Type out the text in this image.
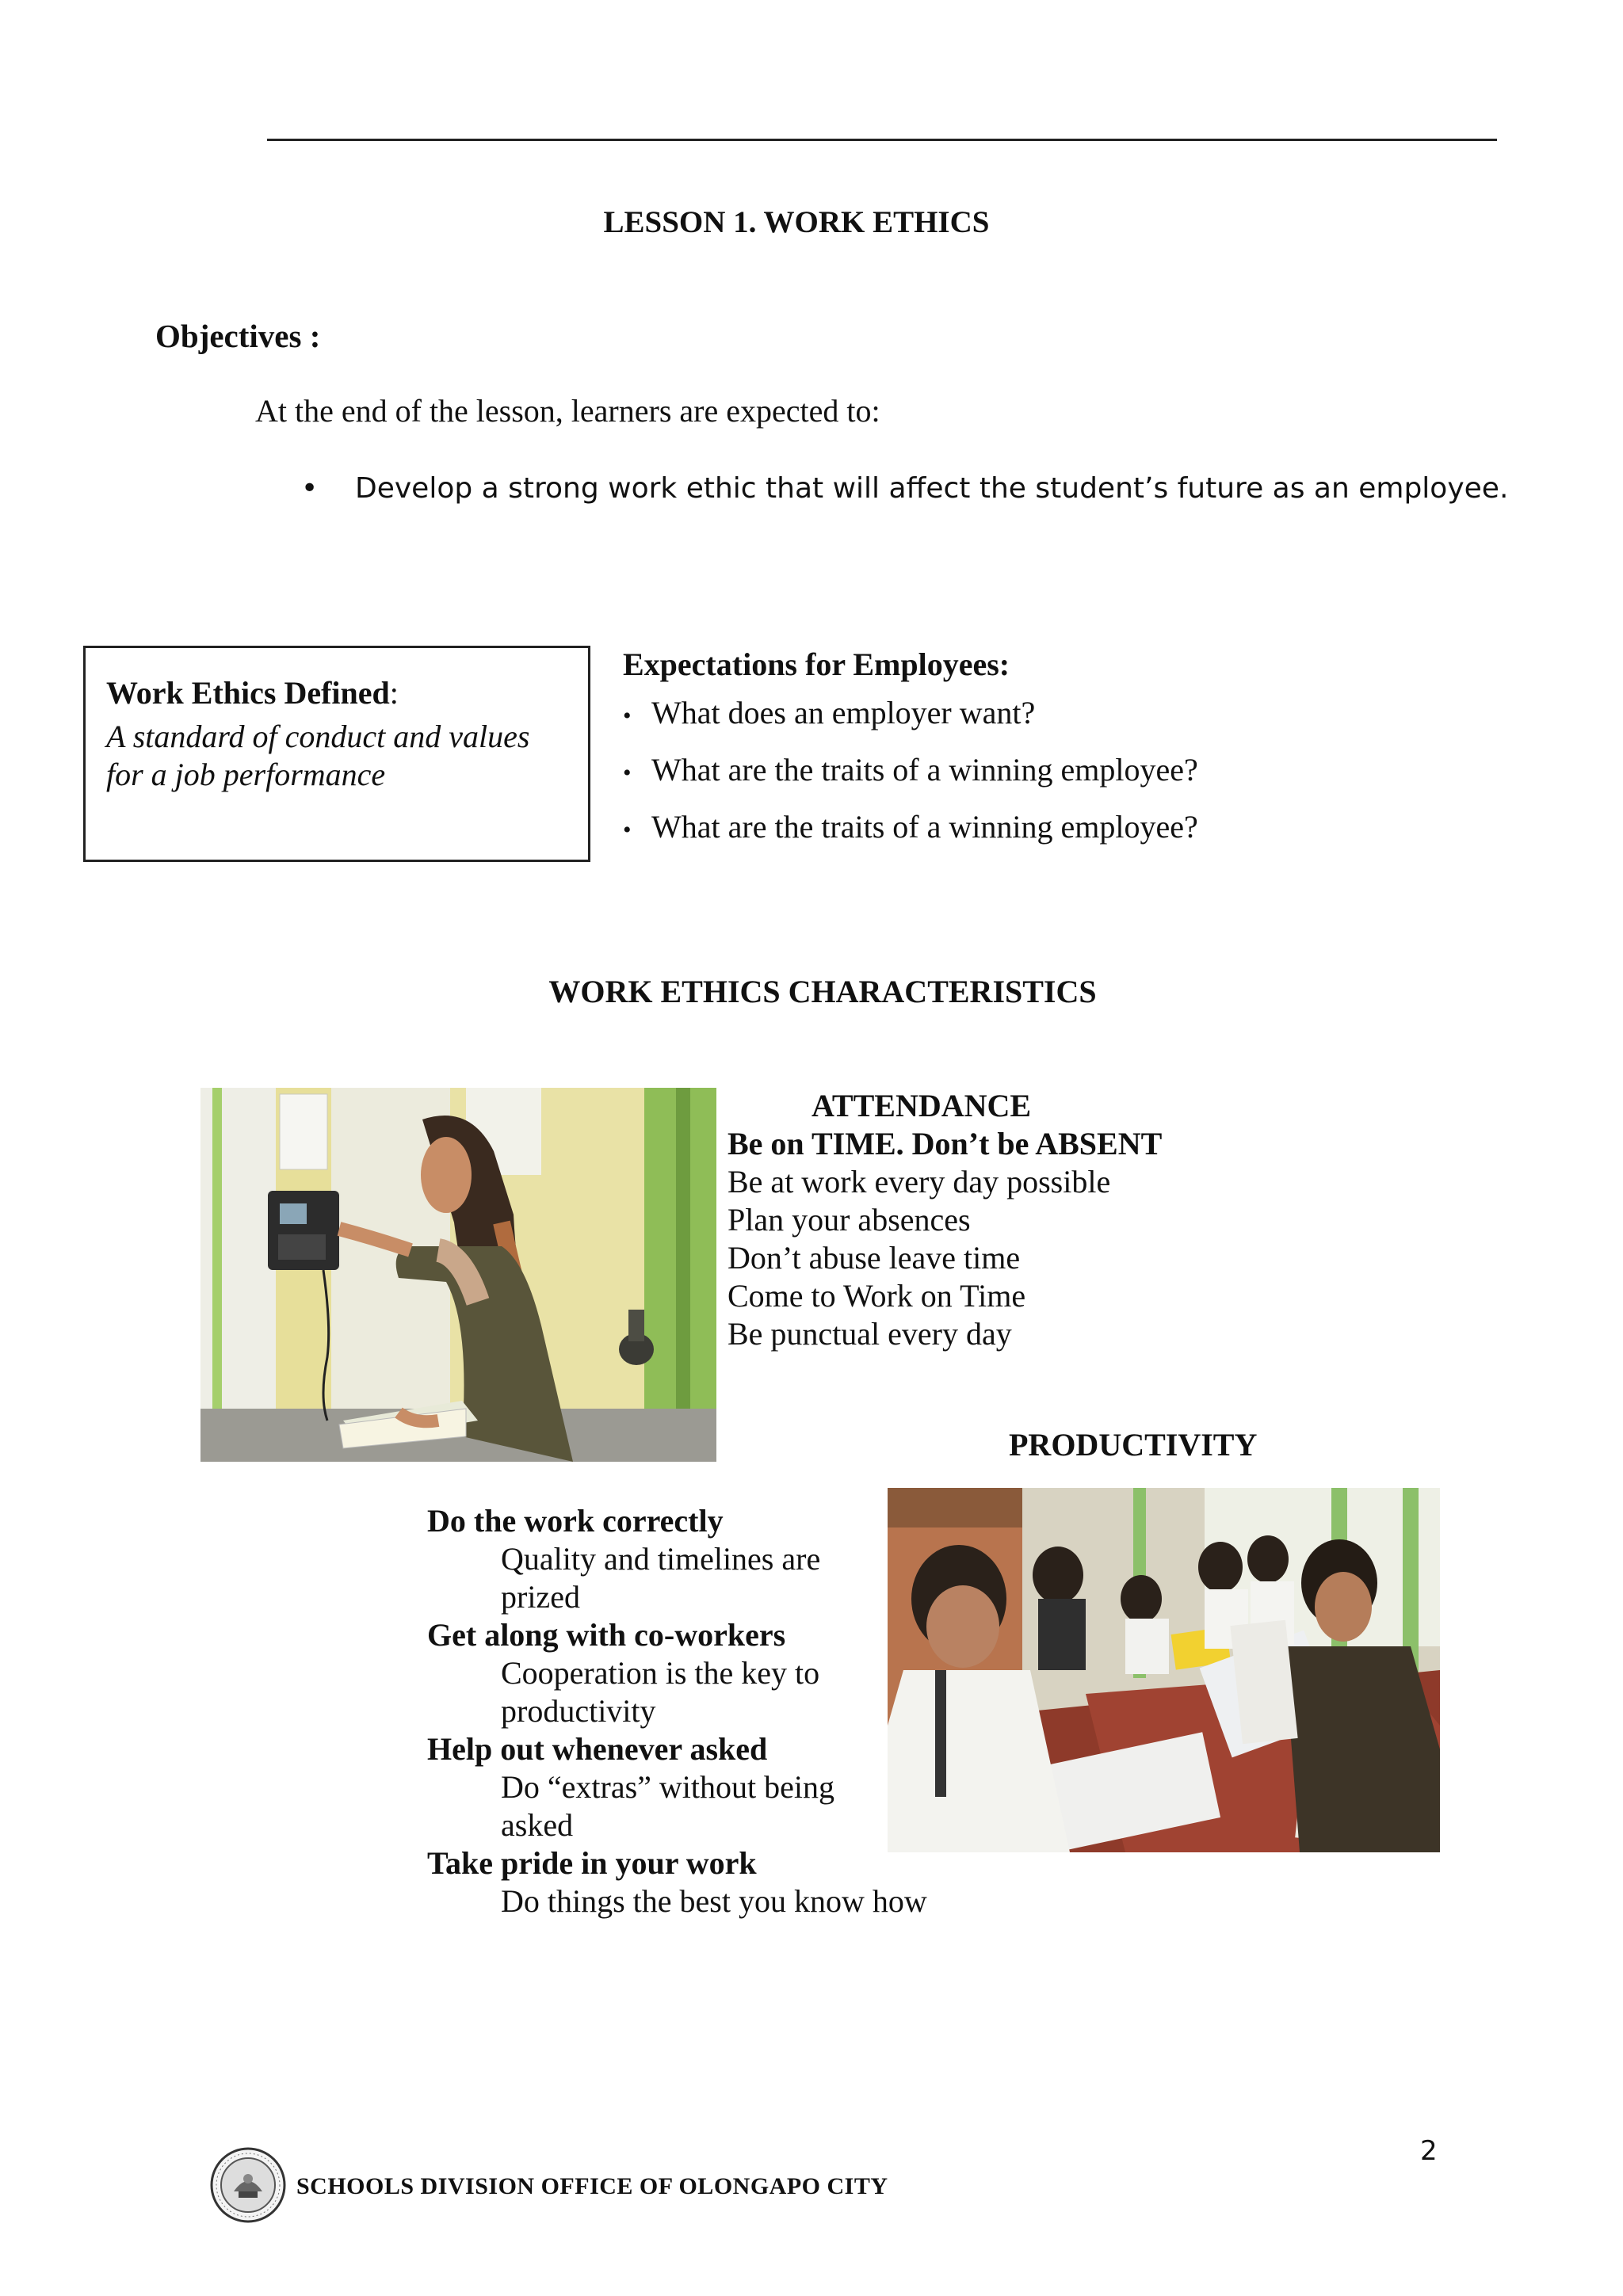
LESSON 1. WORK ETHICS
Objectives :
At the end of the lesson, learners are expected to:
• Develop a strong work ethic that will affect the student’s future as an employee.
Work Ethics Defined:
A standard of conduct and values for a job performance
Expectations for Employees:
• What does an employer want?
• What are the traits of a winning employee?
• What are the traits of a winning employee?
WORK ETHICS CHARACTERISTICS
ATTENDANCE
Be on TIME. Don’t be ABSENT
Be at work every day possible
Plan your absences
Don’t abuse leave time
Come to Work on Time
Be punctual every day
PRODUCTIVITY
Do the work correctly
Quality and timelines are prized
Get along with co-workers
Cooperation is the key to productivity
Help out whenever asked
Do “extras” without being asked
Take pride in your work
Do things the best you know how
2
SCHOOLS DIVISION OFFICE OF OLONGAPO CITY
